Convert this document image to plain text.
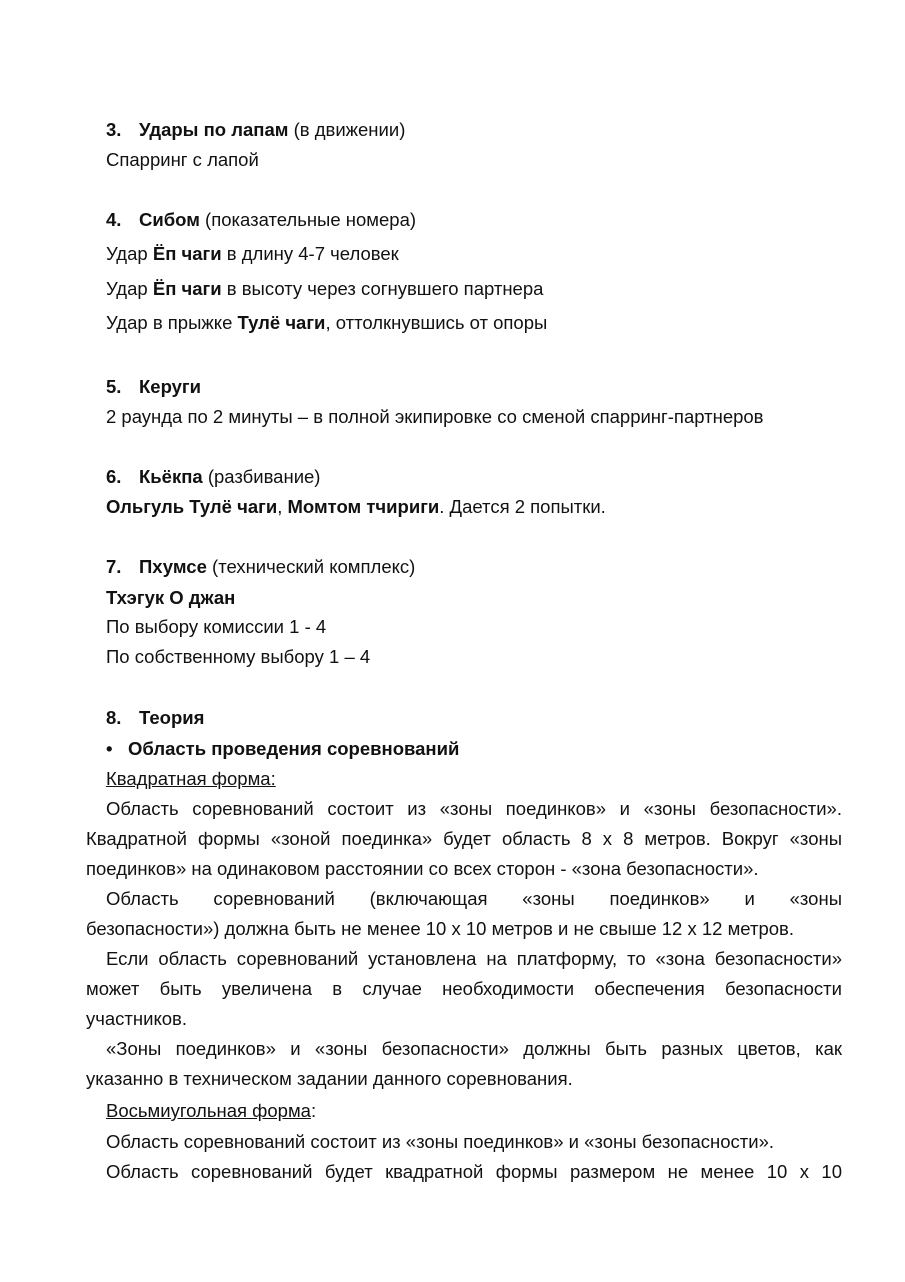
3. Удары по лапам (в движении)
Спарринг с лапой
4. Сибом (показательные номера)
Удар Ёп чаги в длину 4-7 человек
Удар Ёп чаги в высоту через согнувшего партнера
Удар в прыжке Тулё чаги, оттолкнувшись от опоры
5. Керуги
2 раунда по 2 минуты – в полной экипировке со сменой спарринг-партнеров
6. Кьёкпа (разбивание)
Ольгуль Тулё чаги, Момтом тчириги. Дается 2 попытки.
7. Пхумсе (технический комплекс)
Тхэгук О джан
По выбору комиссии 1 - 4
По собственному выбору 1 – 4
8. Теория
• Область проведения соревнований
Квадратная форма:
Область соревнований состоит из «зоны поединков» и «зоны безопасности».
Квадратной формы «зоной поединка» будет область 8 х 8 метров. Вокруг «зоны
поединков» на одинаковом расстоянии со всех сторон - «зона безопасности».
Область соревнований (включающая «зоны поединков» и «зоны
безопасности») должна быть не менее 10 х 10 метров и не свыше 12 х 12 метров.
Если область соревнований установлена на платформу, то «зона безопасности»
может быть увеличена в случае необходимости обеспечения безопасности
участников.
«Зоны поединков» и «зоны безопасности» должны быть разных цветов, как
указанно в техническом задании данного соревнования.
Восьмиугольная форма:
Область соревнований состоит из «зоны поединков» и «зоны безопасности».
Область соревнований будет квадратной формы размером не менее 10 х 10
